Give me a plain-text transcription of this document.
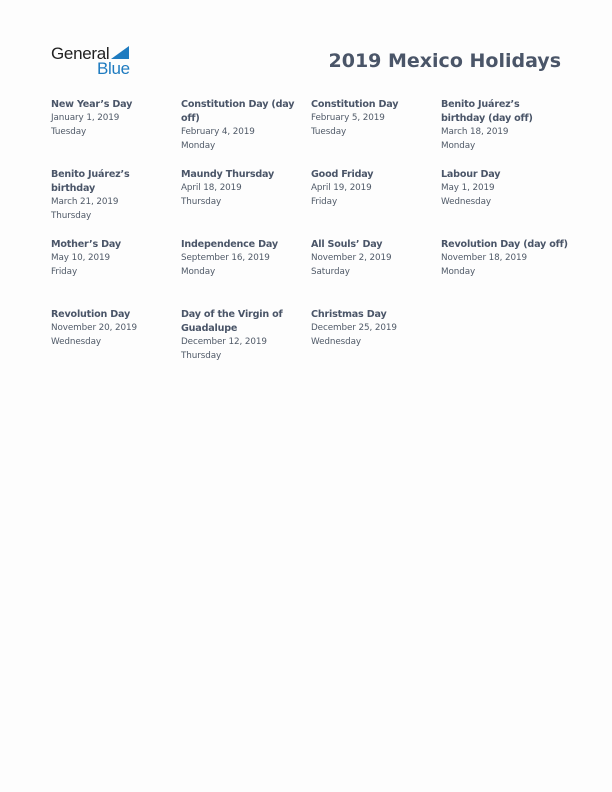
General
Blue	2019 Mexico Holidays
New Year’s Day
January 1, 2019
Tuesday
Constitution Day (day off)
February 4, 2019
Monday
Constitution Day
February 5, 2019
Tuesday
Benito Juárez’s birthday (day off)
March 18, 2019
Monday
Benito Juárez’s birthday
March 21, 2019
Thursday
Maundy Thursday
April 18, 2019
Thursday
Good Friday
April 19, 2019
Friday
Labour Day
May 1, 2019
Wednesday
Mother’s Day
May 10, 2019
Friday
Independence Day
September 16, 2019
Monday
All Souls’ Day
November 2, 2019
Saturday
Revolution Day (day off)
November 18, 2019
Monday
Revolution Day
November 20, 2019
Wednesday
Day of the Virgin of Guadalupe
December 12, 2019
Thursday
Christmas Day
December 25, 2019
Wednesday
